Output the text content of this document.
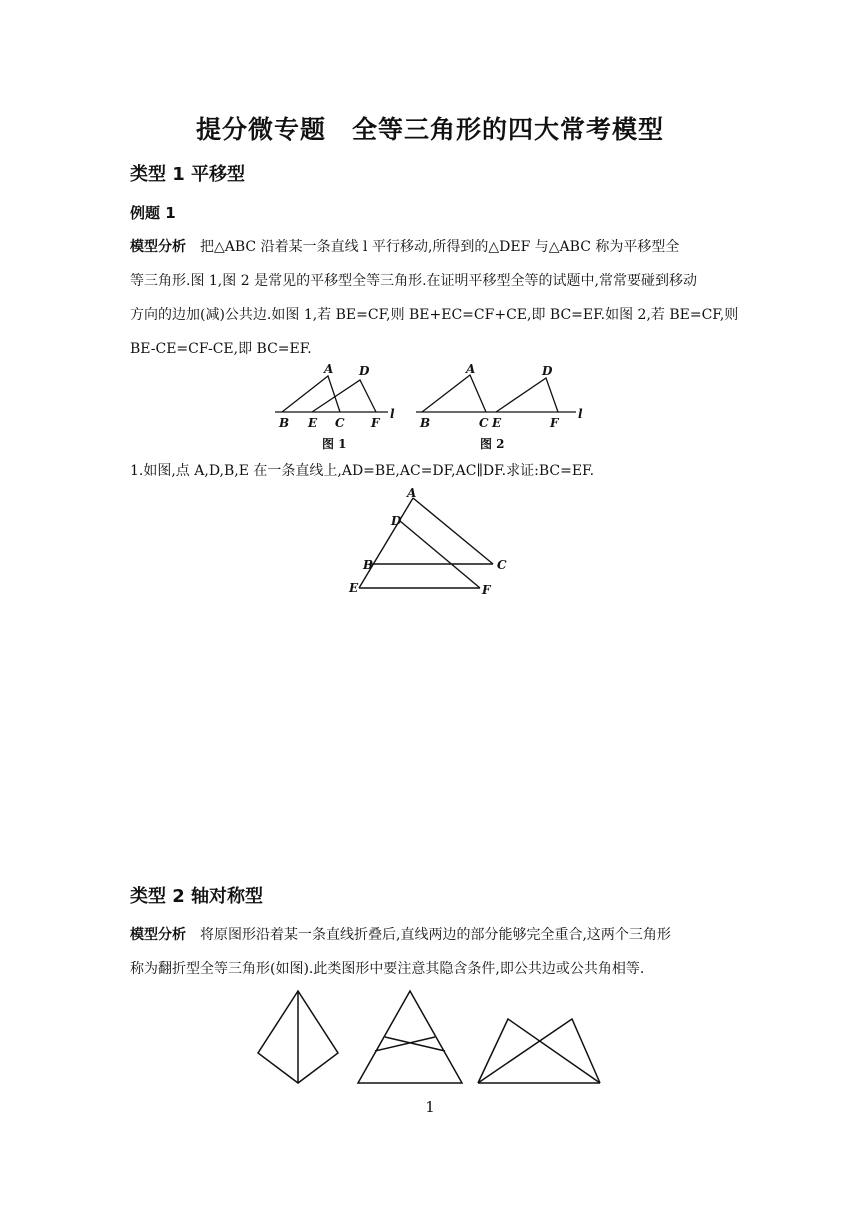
提分微专题　全等三角形的四大常考模型
类型 1 平移型
例题 1
模型分析 把△ABC 沿着某一条直线 l 平行移动,所得到的△DEF 与△ABC 称为平移型全
等三角形.图 1,图 2 是常见的平移型全等三角形.在证明平移型全等的试题中,常常要碰到移动
方向的边加(减)公共边.如图 1,若 BE=CF,则 BE+EC=CF+CE,即 BC=EF.如图 2,若 BE=CF,则
BE-CE=CF-CE,即 BC=EF.
A D
B E C F
l
图 1
A	D
B	C E	F
l
图 2
1.如图,点 A,D,B,E 在一条直线上,AD=BE,AC=DF,AC∥DF.求证:BC=EF.
A
D
B	C
E	F
类型 2 轴对称型
模型分析 将原图形沿着某一条直线折叠后,直线两边的部分能够完全重合,这两个三角形
称为翻折型全等三角形(如图).此类图形中要注意其隐含条件,即公共边或公共角相等.
1
